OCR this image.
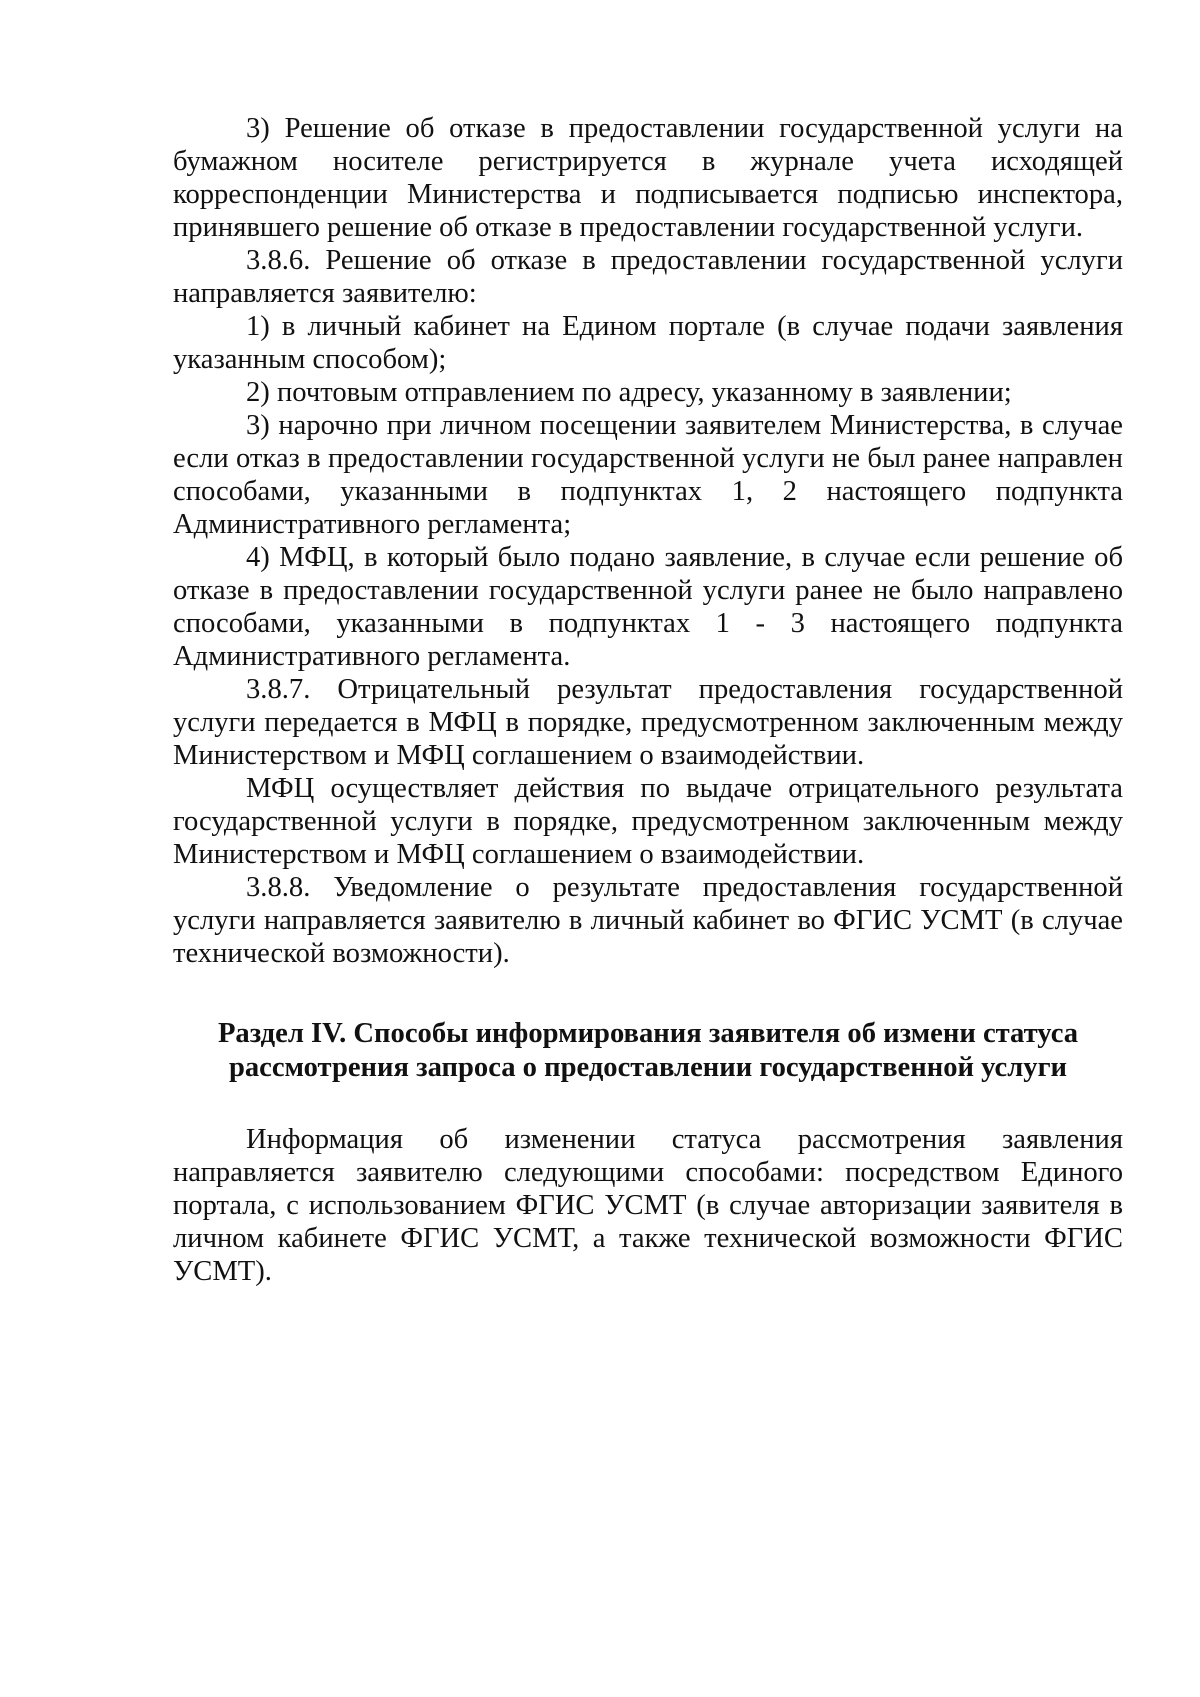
3) Решение об отказе в предоставлении государственной услуги на бумажном носителе регистрируется в журнале учета исходящей корреспонденции Министерства и подписывается подписью инспектора, принявшего решение об отказе в предоставлении государственной услуги.

3.8.6. Решение об отказе в предоставлении государственной услуги направляется заявителю:

1) в личный кабинет на Едином портале (в случае подачи заявления указанным способом);

2) почтовым отправлением по адресу, указанному в заявлении;

3) нарочно при личном посещении заявителем Министерства, в случае если отказ в предоставлении государственной услуги не был ранее направлен способами, указанными в подпунктах 1, 2 настоящего подпункта Административного регламента;

4) МФЦ, в который было подано заявление, в случае если решение об отказе в предоставлении государственной услуги ранее не было направлено способами, указанными в подпунктах 1 - 3 настоящего подпункта Административного регламента.

3.8.7. Отрицательный результат предоставления государственной услуги передается в МФЦ в порядке, предусмотренном заключенным между Министерством и МФЦ соглашением о взаимодействии.

МФЦ осуществляет действия по выдаче отрицательного результата государственной услуги в порядке, предусмотренном заключенным между Министерством и МФЦ соглашением о взаимодействии.

3.8.8. Уведомление о результате предоставления государственной услуги направляется заявителю в личный кабинет во ФГИС УСМТ (в случае технической возможности).

Раздел IV. Способы информирования заявителя об измени статуса
рассмотрения запроса о предоставлении государственной услуги

Информация об изменении статуса рассмотрения заявления направляется заявителю следующими способами: посредством Единого портала, с использованием ФГИС УСМТ (в случае авторизации заявителя в личном кабинете ФГИС УСМТ, а также технической возможности ФГИС УСМТ).
